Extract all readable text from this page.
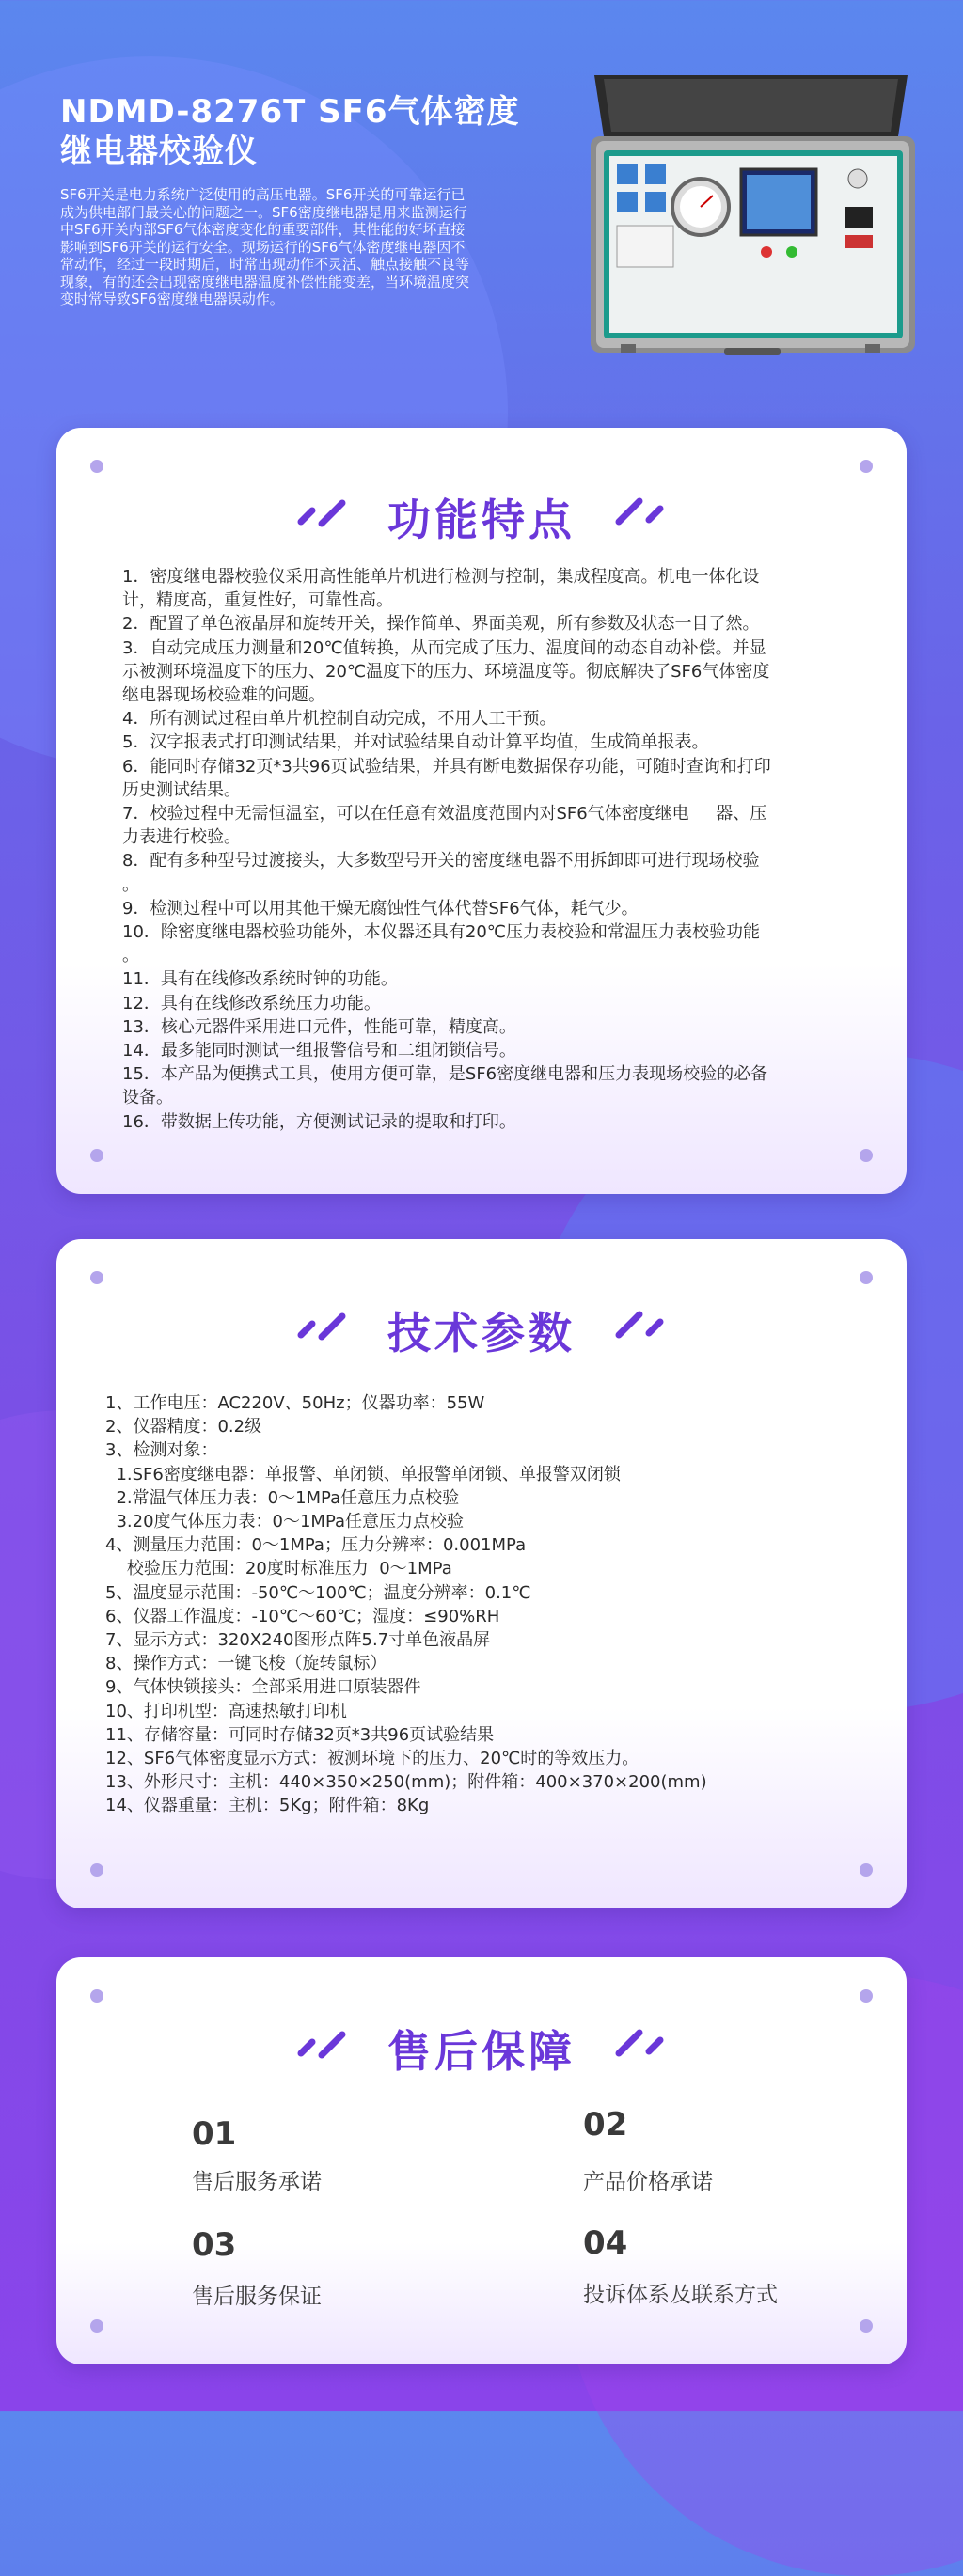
NDMD-8276T SF6气体密度
继电器校验仪
SF6开关是电力系统广泛使用的高压电器。SF6开关的可靠运行已
成为供电部门最关心的问题之一。SF6密度继电器是用来监测运行
中SF6开关内部SF6气体密度变化的重要部件，其性能的好坏直接
影响到SF6开关的运行安全。现场运行的SF6气体密度继电器因不
常动作，经过一段时期后，时常出现动作不灵活、触点接触不良等
现象，有的还会出现密度继电器温度补偿性能变差，当环境温度突
变时常导致SF6密度继电器误动作。
功能特点
1．密度继电器校验仪采用高性能单片机进行检测与控制，集成程度高。机电一体化设
计，精度高，重复性好，可靠性高。
2．配置了单色液晶屏和旋转开关，操作简单、界面美观，所有参数及状态一目了然。
3．自动完成压力测量和20℃值转换，从而完成了压力、温度间的动态自动补偿。并显
示被测环境温度下的压力、20℃温度下的压力、环境温度等。彻底解决了SF6气体密度
继电器现场校验难的问题。
4．所有测试过程由单片机控制自动完成，不用人工干预。
5．汉字报表式打印测试结果，并对试验结果自动计算平均值，生成简单报表。
6．能同时存储32页*3共96页试验结果，并具有断电数据保存功能，可随时查询和打印
历史测试结果。
7．校验过程中无需恒温室，可以在任意有效温度范围内对SF6气体密度继电     器、压
力表进行校验。
8．配有多种型号过渡接头，大多数型号开关的密度继电器不用拆卸即可进行现场校验
。
9．检测过程中可以用其他干燥无腐蚀性气体代替SF6气体，耗气少。
10．除密度继电器校验功能外，本仪器还具有20℃压力表校验和常温压力表校验功能
。
11．具有在线修改系统时钟的功能。
12．具有在线修改系统压力功能。
13．核心元器件采用进口元件，性能可靠，精度高。
14．最多能同时测试一组报警信号和二组闭锁信号。
15．本产品为便携式工具，使用方便可靠，是SF6密度继电器和压力表现场校验的必备
设备。
16．带数据上传功能，方便测试记录的提取和打印。
技术参数
1、工作电压：AC220V、50Hz；仪器功率：55W
2、仪器精度：0.2级
3、检测对象：
1.SF6密度继电器：单报警、单闭锁、单报警单闭锁、单报警双闭锁
2.常温气体压力表：0～1MPa任意压力点校验
3.20度气体压力表：0～1MPa任意压力点校验
4、测量压力范围：0～1MPa；压力分辨率：0.001MPa
校验压力范围：20度时标准压力  0～1MPa
5、温度显示范围：-50℃～100℃；温度分辨率：0.1℃
6、仪器工作温度：-10℃～60℃；湿度：≤90%RH
7、显示方式：320X240图形点阵5.7寸单色液晶屏
8、操作方式：一键飞梭（旋转鼠标）
9、气体快锁接头：全部采用进口原装器件
10、打印机型：高速热敏打印机
11、存储容量：可同时存储32页*3共96页试验结果
12、SF6气体密度显示方式：被测环境下的压力、20℃时的等效压力。
13、外形尺寸：主机：440×350×250(mm)；附件箱：400×370×200(mm)
14、仪器重量：主机：5Kg；附件箱：8Kg
售后保障
01
售后服务承诺
02
产品价格承诺
03
售后服务保证
04
投诉体系及联系方式
